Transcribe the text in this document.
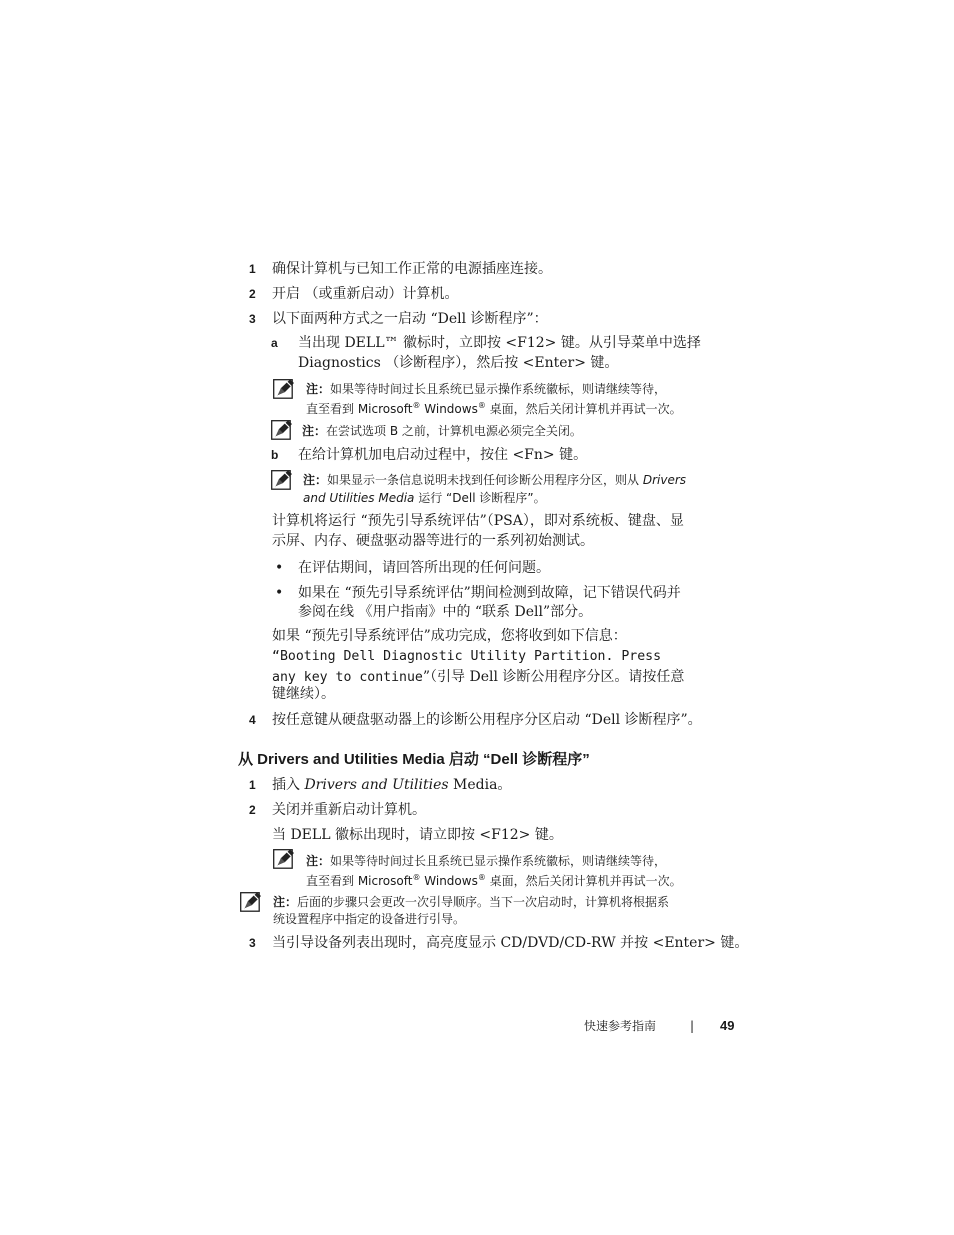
1 确保计算机与已知工作正常的电源插座连接。
2 开启 （或重新启动）计算机。
3 以下面两种方式之一启动 “Dell 诊断程序”：
a 当出现 DELL™ 徽标时，立即按 <F12> 键。从引导菜单中选择
Diagnostics （诊断程序），然后按 <Enter> 键。
注：如果等待时间过长且系统已显示操作系统徽标，则请继续等待，
直至看到 Microsoft® Windows® 桌面，然后关闭计算机并再试一次。
注：在尝试选项 B 之前，计算机电源必须完全关闭。
b 在给计算机加电启动过程中，按住 <Fn> 键。
注：如果显示一条信息说明未找到任何诊断公用程序分区，则从 Drivers
and Utilities Media 运行 “Dell 诊断程序”。
计算机将运行 “预先引导系统评估”（PSA），即对系统板、键盘、显
示屏、内存、硬盘驱动器等进行的一系列初始测试。
• 在评估期间，请回答所出现的任何问题。
• 如果在 “预先引导系统评估”期间检测到故障，记下错误代码并
参阅在线 《用户指南》中的 “联系 Dell”部分。
如果 “预先引导系统评估”成功完成，您将收到如下信息：
“Booting Dell Diagnostic Utility Partition. Press
any key to continue”（引导 Dell 诊断公用程序分区。请按任意
键继续）。
4 按任意键从硬盘驱动器上的诊断公用程序分区启动 “Dell 诊断程序”。
从 Drivers and Utilities Media 启动 “Dell 诊断程序”
1 插入 Drivers and Utilities Media。
2 关闭并重新启动计算机。
当 DELL 徽标出现时，请立即按 <F12> 键。
注：如果等待时间过长且系统已显示操作系统徽标，则请继续等待，
直至看到 Microsoft® Windows® 桌面，然后关闭计算机并再试一次。
注：后面的步骤只会更改一次引导顺序。当下一次启动时，计算机将根据系
统设置程序中指定的设备进行引导。
3 当引导设备列表出现时，高亮度显示 CD/DVD/CD-RW 并按 <Enter> 键。
快速参考指南	| 49
